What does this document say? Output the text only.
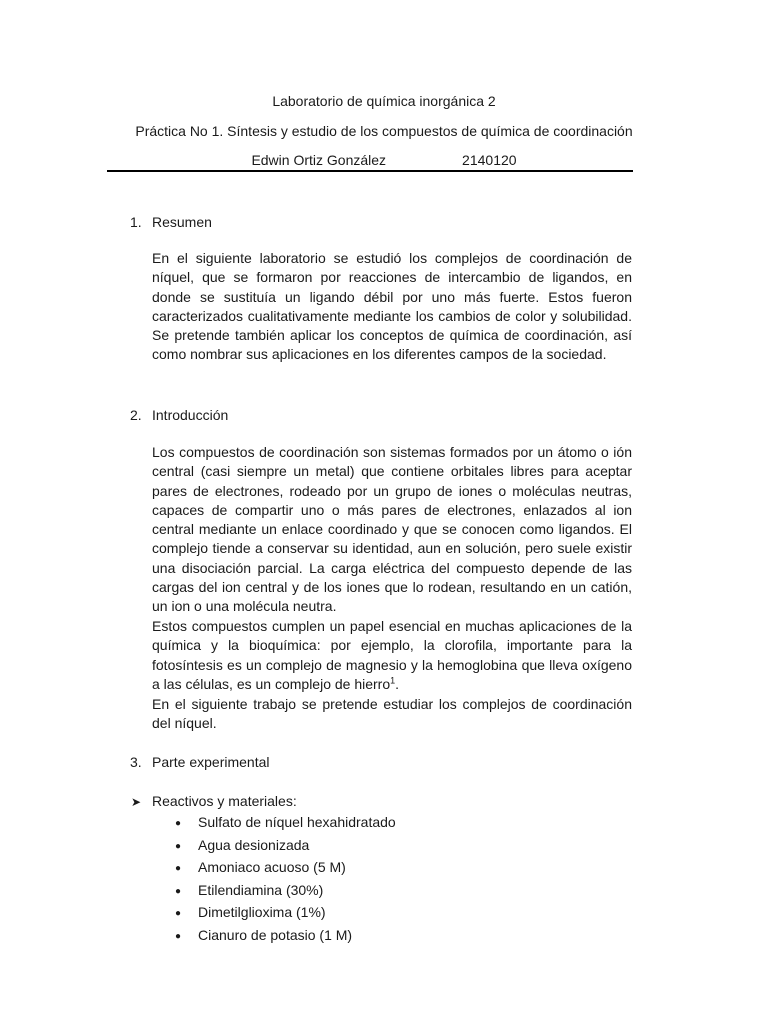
Laboratorio de química inorgánica 2
Práctica No 1. Síntesis y estudio de los compuestos de química de coordinación
Edwin Ortiz González	2140120
1. Resumen

En el siguiente laboratorio se estudió los complejos de coordinación de níquel, que se formaron por reacciones de intercambio de ligandos, en donde se sustituía un ligando débil por uno más fuerte. Estos fueron caracterizados cualitativamente mediante los cambios de color y solubilidad. Se pretende también aplicar los conceptos de química de coordinación, así como nombrar sus aplicaciones en los diferentes campos de la sociedad.

2. Introducción

Los compuestos de coordinación son sistemas formados por un átomo o ión central (casi siempre un metal) que contiene orbitales libres para aceptar pares de electrones, rodeado por un grupo de iones o moléculas neutras, capaces de compartir uno o más pares de electrones, enlazados al ion central mediante un enlace coordinado y que se conocen como ligandos. El complejo tiende a conservar su identidad, aun en solución, pero suele existir una disociación parcial. La carga eléctrica del compuesto depende de las cargas del ion central y de los iones que lo rodean, resultando en un catión, un ion o una molécula neutra.

Estos compuestos cumplen un papel esencial en muchas aplicaciones de la química y la bioquímica: por ejemplo, la clorofila, importante para la fotosíntesis es un complejo de magnesio y la hemoglobina que lleva oxígeno a las células, es un complejo de hierro$^1$.

En el siguiente trabajo se pretende estudiar los complejos de coordinación del níquel.

3. Parte experimental
➤ Reactivos y materiales:
● Sulfato de níquel hexahidratado
● Agua desionizada
● Amoniaco acuoso (5 M)
● Etilendiamina (30%)
● Dimetilglioxima (1%)
● Cianuro de potasio (1 M)
